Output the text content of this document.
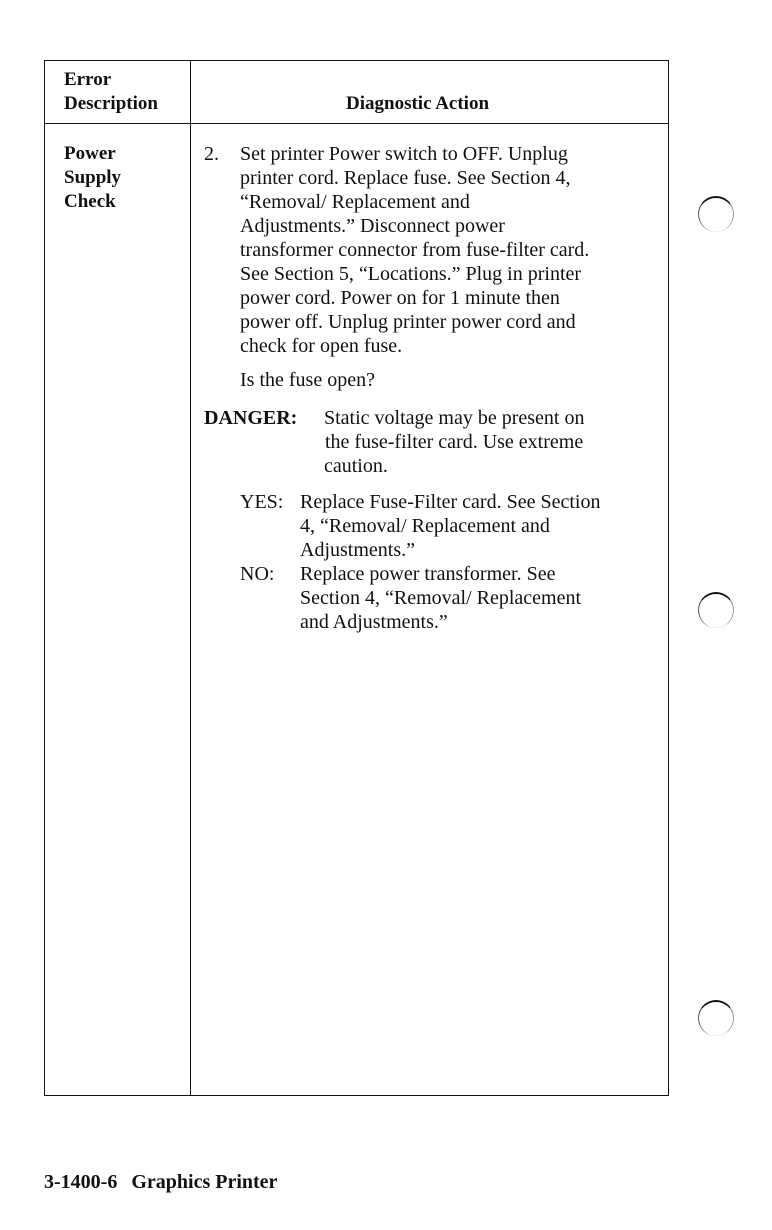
Error
Description	Diagnostic Action
Power
Supply
Check
2. Set printer Power switch to OFF. Unplug
printer cord. Replace fuse. See Section 4,
“Removal/ Replacement and
Adjustments.” Disconnect power
transformer connector from fuse-filter card.
See Section 5, “Locations.” Plug in printer
power cord. Power on for 1 minute then
power off. Unplug printer power cord and
check for open fuse.
Is the fuse open?
DANGER: Static voltage may be present on
the fuse-filter card. Use extreme
caution.
YES: Replace Fuse-Filter card. See Section
4, “Removal/ Replacement and
Adjustments.”
NO: Replace power transformer. See
Section 4, “Removal/ Replacement
and Adjustments.”
3-1400-6 Graphics Printer
